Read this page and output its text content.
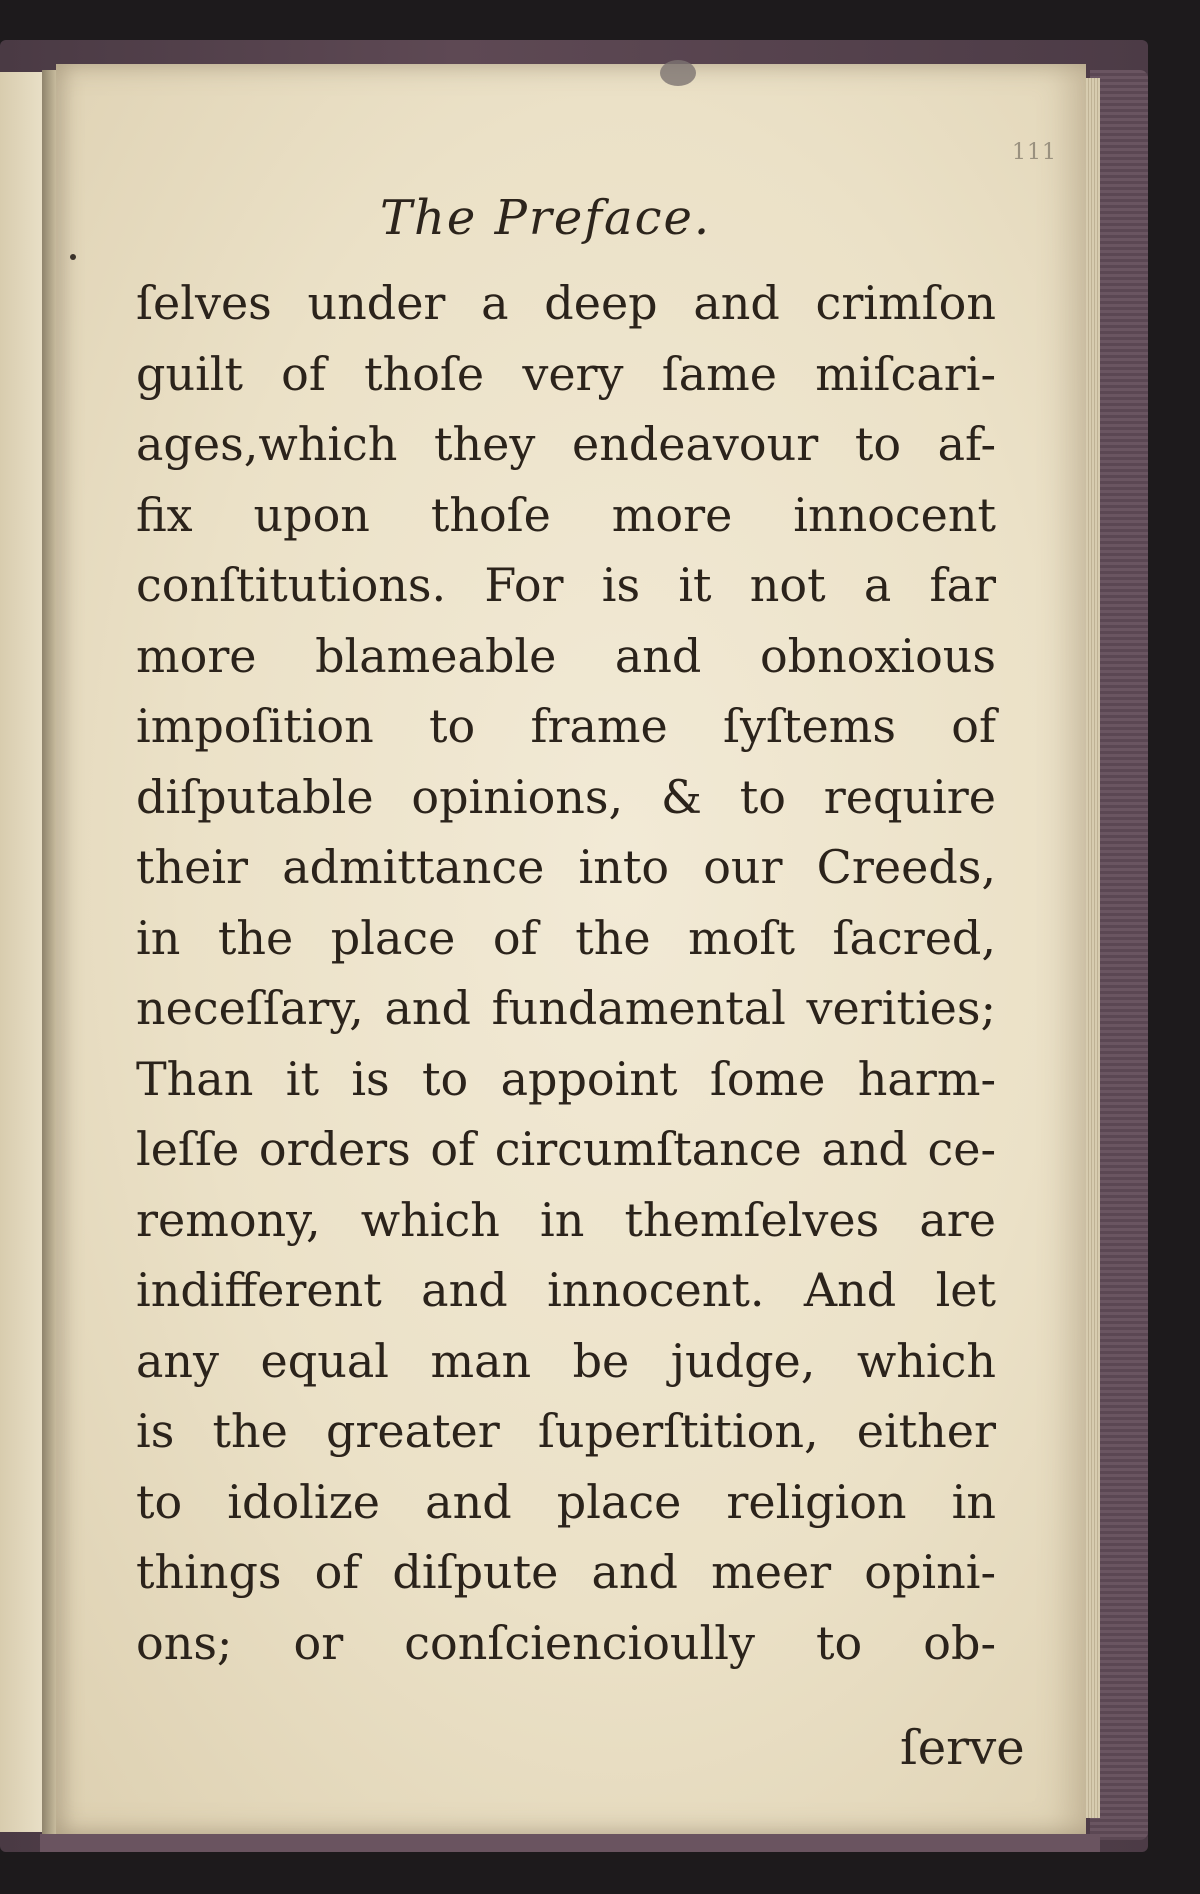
111
The Preface.
ſelves under a deep and crimſon
guilt of thoſe very ſame miſcari-
ages,which they endeavour to af-
fix upon thoſe more innocent
conſtitutions. For is it not a far
more blameable and obnoxious
impoſition to frame ſyſtems of
diſputable opinions, & to require
their admittance into our Creeds,
in the place of the moſt ſacred,
neceſſary, and fundamental verities;
Than it is to appoint ſome harm-
leſſe orders of circumſtance and ce-
remony, which in themſelves are
indifferent and innocent. And let
any equal man be judge, which
is the greater ſuperſtition, either
to idolize and place religion in
things of diſpute and meer opini-
ons; or conſciencioully to ob-
ſerve
